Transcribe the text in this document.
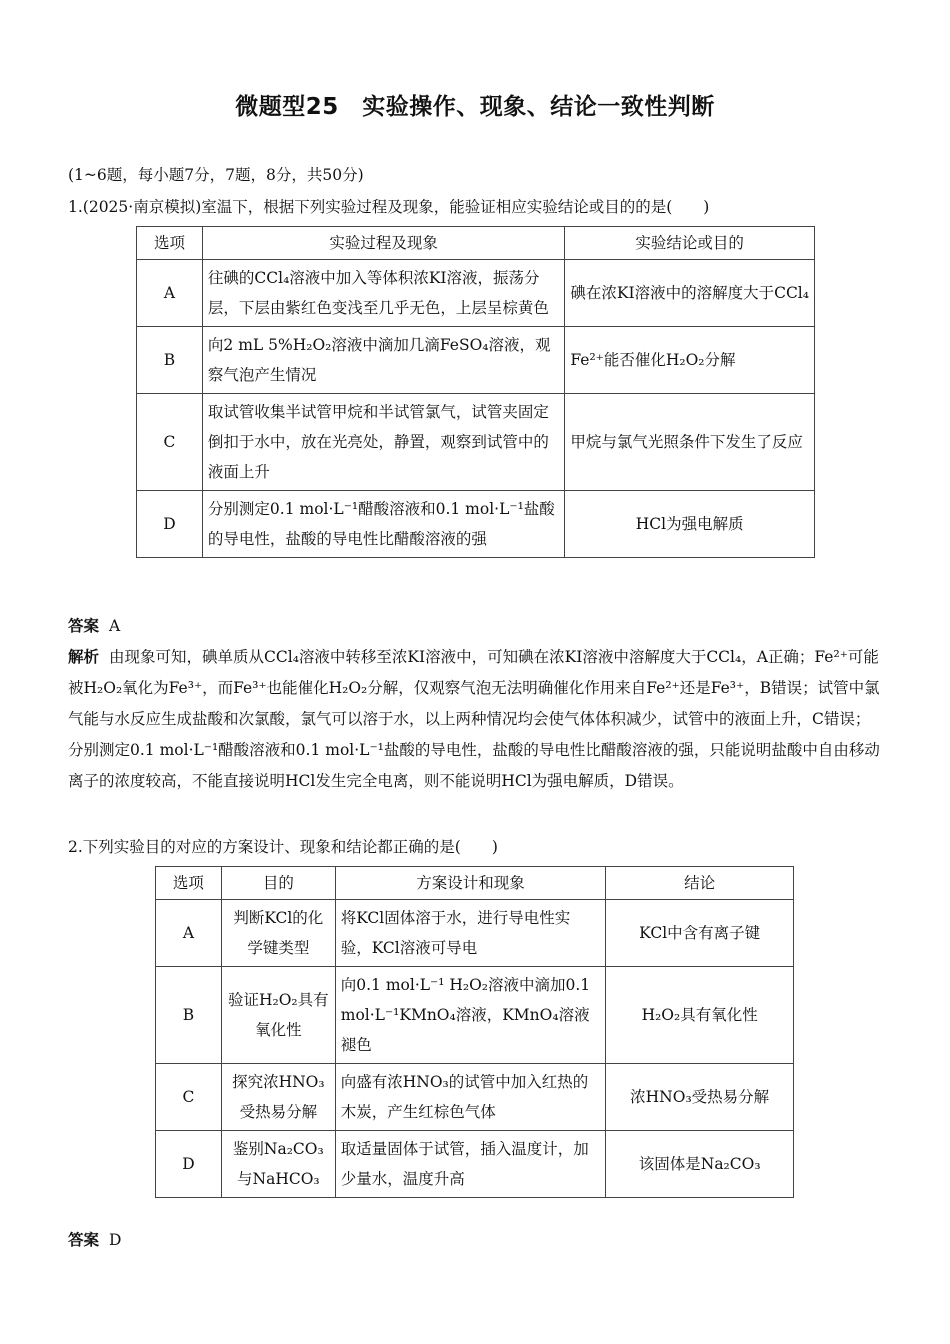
微题型25　实验操作、现象、结论一致性判断
(1~6题，每小题7分，7题，8分，共50分)
1.(2025·南京模拟)室温下，根据下列实验过程及现象，能验证相应实验结论或目的的是(　　)
选项	实验过程及现象	实验结论或目的
A	往碘的CCl₄溶液中加入等体积浓KI溶液，振荡分层，下层由紫红色变浅至几乎无色，上层呈棕黄色	碘在浓KI溶液中的溶解度大于CCl₄
B	向2 mL 5%H₂O₂溶液中滴加几滴FeSO₄溶液，观察气泡产生情况	Fe²⁺能否催化H₂O₂分解
C	取试管收集半试管甲烷和半试管氯气，试管夹固定倒扣于水中，放在光亮处，静置，观察到试管中的液面上升	甲烷与氯气光照条件下发生了反应
D	分别测定0.1 mol·L⁻¹醋酸溶液和0.1 mol·L⁻¹盐酸的导电性，盐酸的导电性比醋酸溶液的强	HCl为强电解质
答案 A
解析 由现象可知，碘单质从CCl₄溶液中转移至浓KI溶液中，可知碘在浓KI溶液中溶解度大于CCl₄，A正确；Fe²⁺可能被H₂O₂氧化为Fe³⁺，而Fe³⁺也能催化H₂O₂分解，仅观察气泡无法明确催化作用来自Fe²⁺还是Fe³⁺，B错误；试管中氯气能与水反应生成盐酸和次氯酸，氯气可以溶于水，以上两种情况均会使气体体积减少，试管中的液面上升，C错误；分别测定0.1 mol·L⁻¹醋酸溶液和0.1 mol·L⁻¹盐酸的导电性，盐酸的导电性比醋酸溶液的强，只能说明盐酸中自由移动离子的浓度较高，不能直接说明HCl发生完全电离，则不能说明HCl为强电解质，D错误。
2.下列实验目的对应的方案设计、现象和结论都正确的是(　　)
选项	目的	方案设计和现象	结论
A	判断KCl的化学键类型	将KCl固体溶于水，进行导电性实验，KCl溶液可导电	KCl中含有离子键
B	验证H₂O₂具有氧化性	向0.1 mol·L⁻¹ H₂O₂溶液中滴加0.1 mol·L⁻¹KMnO₄溶液，KMnO₄溶液褪色	H₂O₂具有氧化性
C	探究浓HNO₃受热易分解	向盛有浓HNO₃的试管中加入红热的木炭，产生红棕色气体	浓HNO₃受热易分解
D	鉴别Na₂CO₃与NaHCO₃	取适量固体于试管，插入温度计，加少量水，温度升高	该固体是Na₂CO₃
答案 D
